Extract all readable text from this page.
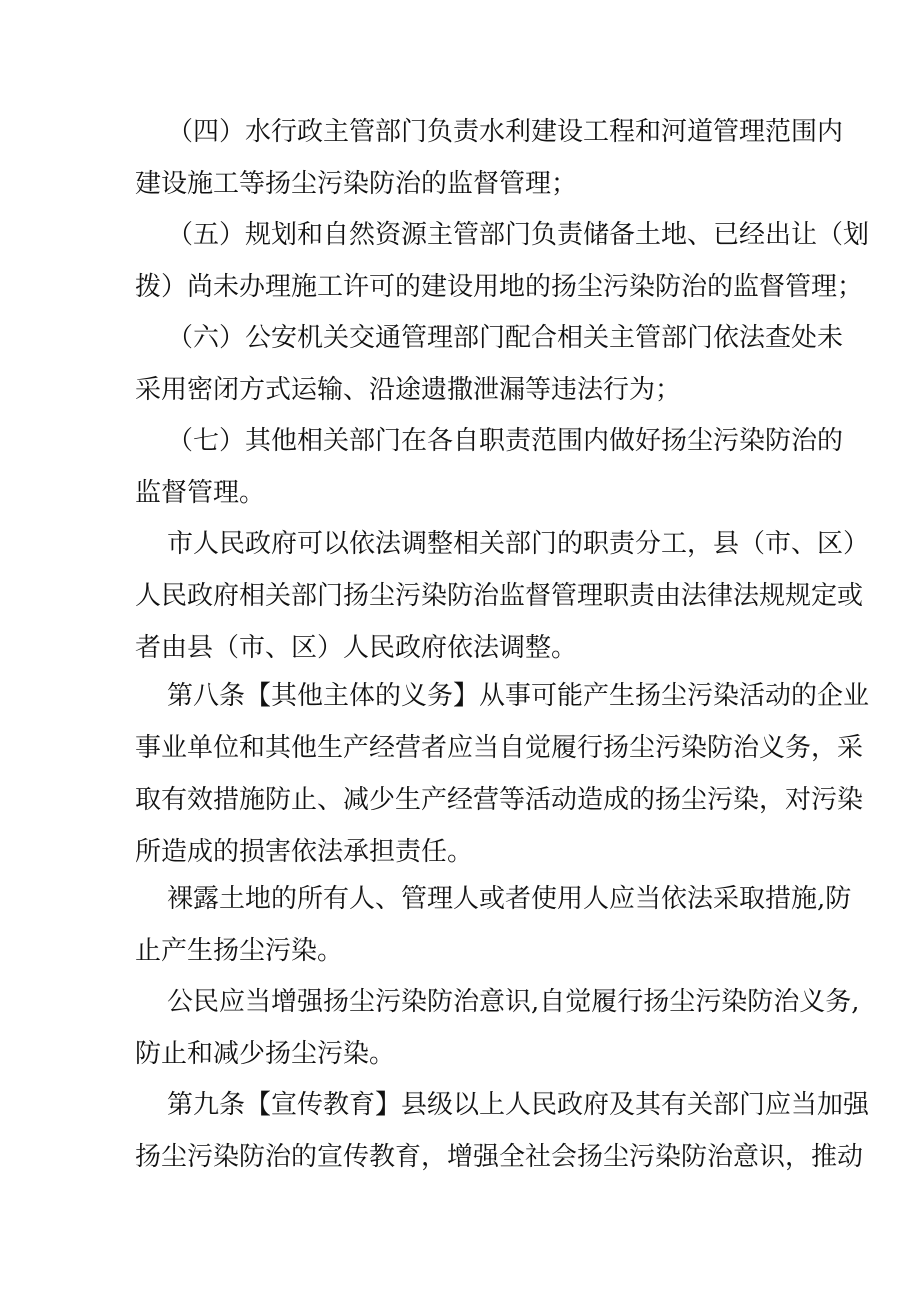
（四）水行政主管部门负责水利建设工程和河道管理范围内
建设施工等扬尘污染防治的监督管理；

（五）规划和自然资源主管部门负责储备土地、已经出让（划
拨）尚未办理施工许可的建设用地的扬尘污染防治的监督管理；

（六）公安机关交通管理部门配合相关主管部门依法查处未
采用密闭方式运输、沿途遗撒泄漏等违法行为；

（七）其他相关部门在各自职责范围内做好扬尘污染防治的
监督管理。

市人民政府可以依法调整相关部门的职责分工，县（市、区）
人民政府相关部门扬尘污染防治监督管理职责由法律法规规定或
者由县（市、区）人民政府依法调整。

第八条【其他主体的义务】从事可能产生扬尘污染活动的企业
事业单位和其他生产经营者应当自觉履行扬尘污染防治义务，采
取有效措施防止、减少生产经营等活动造成的扬尘污染，对污染
所造成的损害依法承担责任。

裸露土地的所有人、管理人或者使用人应当依法采取措施,防
止产生扬尘污染。

公民应当增强扬尘污染防治意识,自觉履行扬尘污染防治义务,
防止和减少扬尘污染。

第九条【宣传教育】县级以上人民政府及其有关部门应当加强
扬尘污染防治的宣传教育，增强全社会扬尘污染防治意识，推动
